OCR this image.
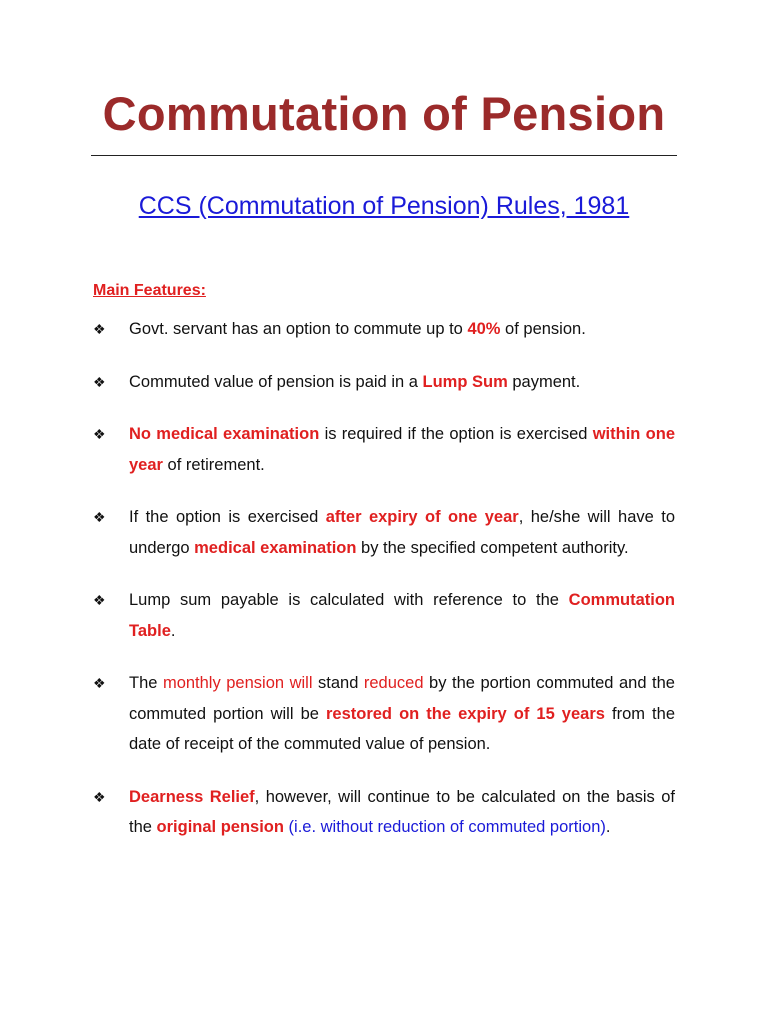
Commutation of Pension
CCS (Commutation of Pension) Rules, 1981
Main Features:
❖ Govt. servant has an option to commute up to 40% of pension.
❖ Commuted value of pension is paid in a Lump Sum payment.
❖ No medical examination is required if the option is exercised within one year of retirement.
❖ If the option is exercised after expiry of one year, he/she will have to undergo medical examination by the specified competent authority.
❖ Lump sum payable is calculated with reference to the Commutation Table.
❖ The monthly pension will stand reduced by the portion commuted and the commuted portion will be restored on the expiry of 15 years from the date of receipt of the commuted value of pension.
❖ Dearness Relief, however, will continue to be calculated on the basis of the original pension (i.e. without reduction of commuted portion).
